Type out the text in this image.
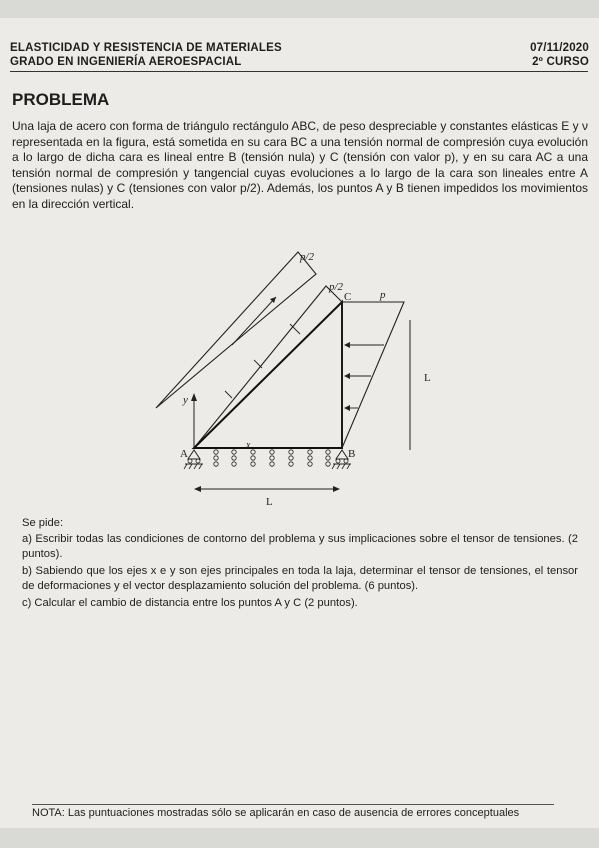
ELASTICIDAD Y RESISTENCIA DE MATERIALES
GRADO EN INGENIERÍA AEROESPACIAL
07/11/2020
2º CURSO
PROBLEMA
Una laja de acero con forma de triángulo rectángulo ABC, de peso despreciable y constantes elásticas E y ν representada en la figura, está sometida en su cara BC a una tensión normal de compresión cuya evolución a lo largo de dicha cara es lineal entre B (tensión nula) y C (tensión con valor p), y en su cara AC a una tensión normal de compresión y tangencial cuyas evoluciones a lo largo de la cara son lineales entre A (tensiones nulas) y C (tensiones con valor p/2). Además, los puntos A y B tienen impedidos los movimientos en la dirección vertical.
p/2
p/2
p
C
L
y
x
A	B
L
Se pide:
a) Escribir todas las condiciones de contorno del problema y sus implicaciones sobre el tensor de tensiones. (2 puntos).
b) Sabiendo que los ejes x e y son ejes principales en toda la laja, determinar el tensor de tensiones, el tensor de deformaciones y el vector desplazamiento solución del problema. (6 puntos).
c) Calcular el cambio de distancia entre los puntos A y C (2 puntos).
NOTA: Las puntuaciones mostradas sólo se aplicarán en caso de ausencia de errores conceptuales
